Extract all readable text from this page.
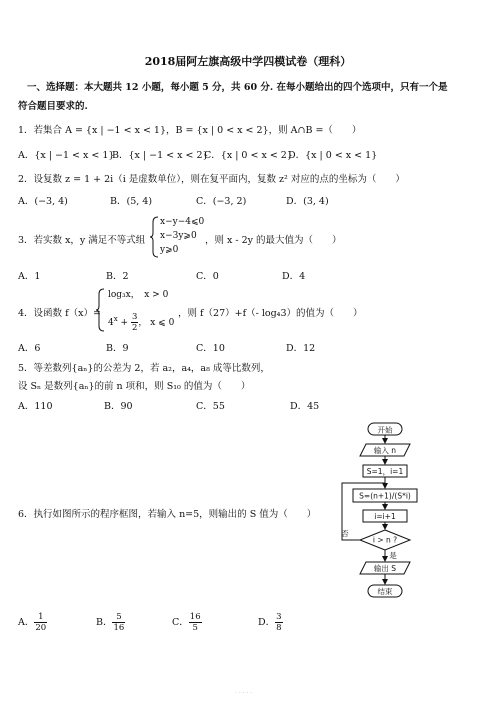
2018届阿左旗高级中学四模试卷（理科）
一、选择题：本大题共 12 小题，每小题 5 分，共 60 分. 在每小题给出的四个选项中，只有一个是
符合题目要求的.
1．若集合 A = {x | −1 < x < 1}，B = {x | 0 < x < 2}，则 A∩B =（　　）
A．{x | −1 < x < 1}
B．{x | −1 < x < 2}
C．{x | 0 < x < 2}
D．{x | 0 < x < 1}
2．设复数 z = 1 + 2i（i 是虚数单位），则在复平面内，复数 z² 对应的点的坐标为（　　）
A．(−3, 4)	B．(5, 4)	C．(−3, 2)	D．(3, 4)
3．若实数 x，y 满足不等式组
x−y−4⩽0
x−3y⩾0
y⩾0
，则 x - 2y 的最大值为（　　）
A．1	B．2	C．0	D．4
4．设函数 f（x）=
log₃x，　x > 0
$4^x + \frac{3}{2}$ ， x ⩽ 0
，则 f（27）+f（- log₄3）的值为（　　）
A．6	B．9	C．10	D．12
5．等差数列{aₙ}的公差为 2，若 a₂，a₄，a₈ 成等比数列，
设 Sₙ 是数列{aₙ}的前 n 项和，则 S₁₀ 的值为（　　）
A．110	B．90	C．55	D．45
6．执行如图所示的程序框图，若输入 n=5，则输出的 S 值为（　　）
A． $\frac{1}{20}$	B． $\frac{5}{16}$	C． $\frac{16}{5}$	D． $\frac{3}{8}$
开始
输入 n
S=1，i=1
S=(n+1)/(S*i)
i=i+1
i > n ?
否
是
输出 S
结束
· · · · ·
